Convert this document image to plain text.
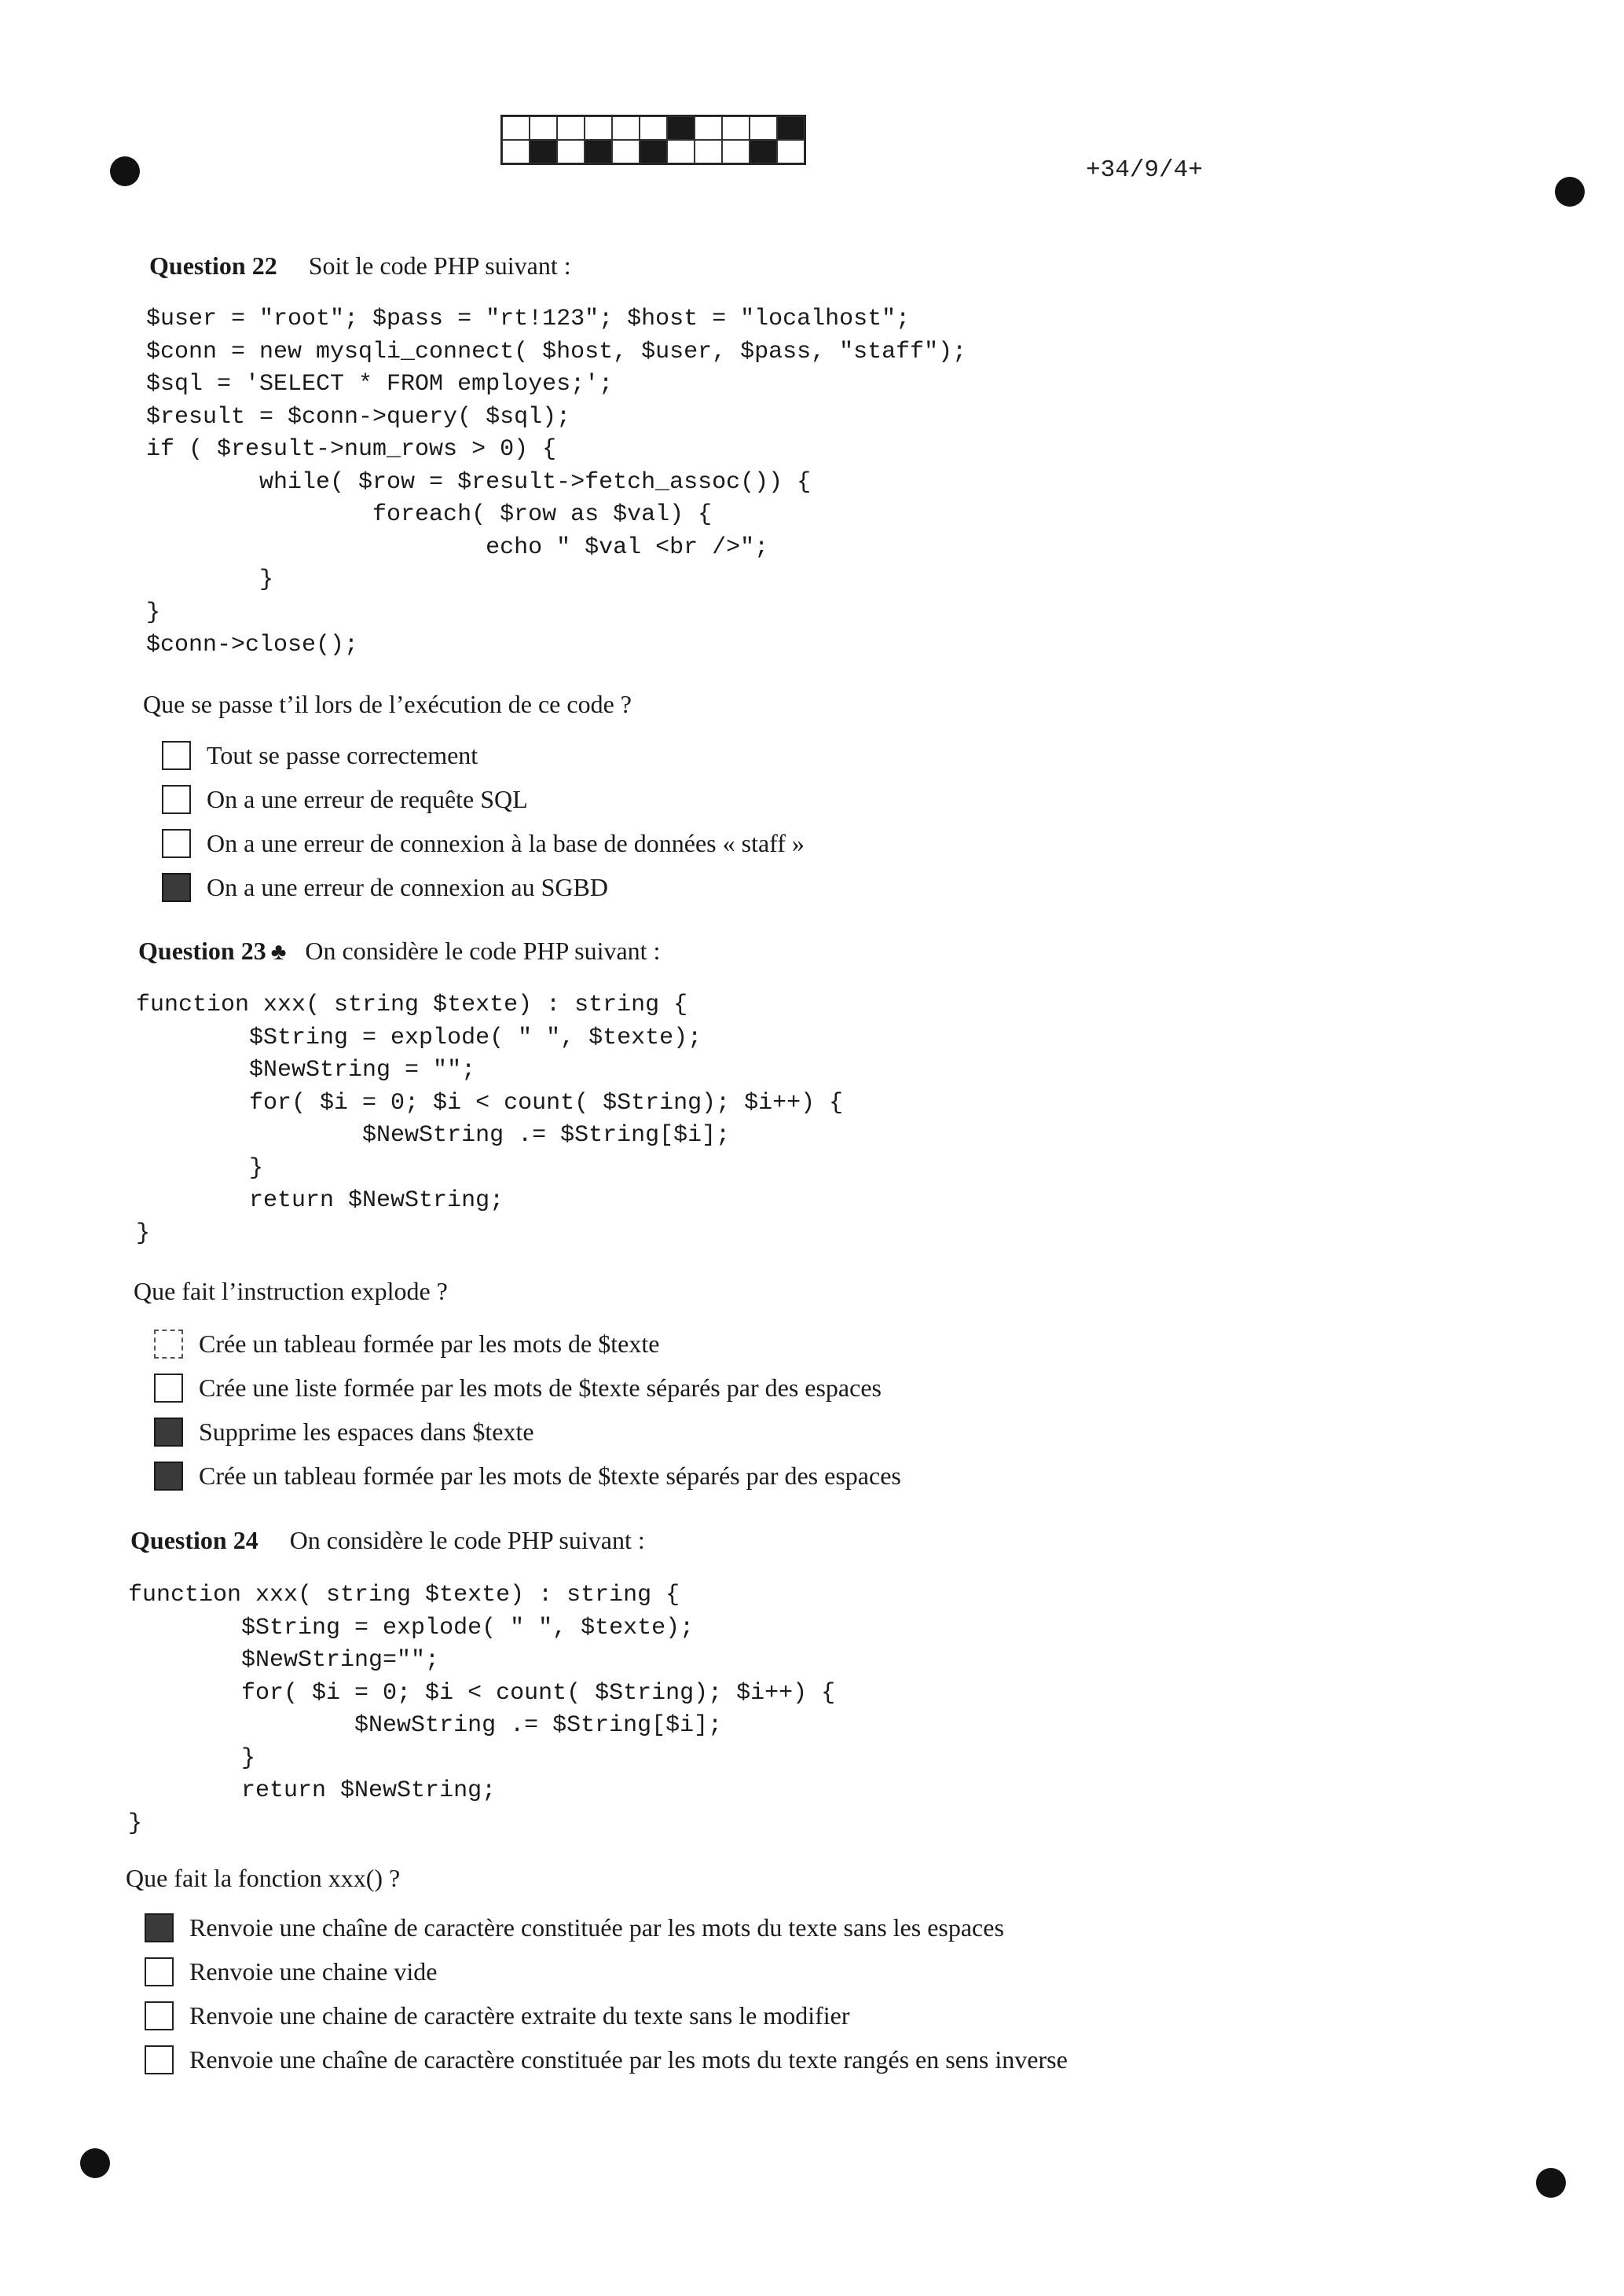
+34/9/4+
Question 22 Soit le code PHP suivant :
$user = "root"; $pass = "rt!123"; $host = "localhost";
$conn = new mysqli_connect( $host, $user, $pass, "staff");
$sql = 'SELECT * FROM employes;';
$result = $conn->query( $sql);
if ( $result->num_rows > 0) {
while( $row = $result->fetch_assoc()) {
foreach( $row as $val) {
echo " $val <br />";
}
}
$conn->close();
Que se passe t’il lors de l’exécution de ce code ?
Tout se passe correctement
On a une erreur de requête SQL
On a une erreur de connexion à la base de données « staff »
On a une erreur de connexion au SGBD
Question 23 ♣ On considère le code PHP suivant :
function xxx( string $texte) : string {
$String = explode( " ", $texte);
$NewString = "";
for( $i = 0; $i < count( $String); $i++) {
$NewString .= $String[$i];
}
return $NewString;
}
Que fait l’instruction explode ?
Crée un tableau formée par les mots de $texte
Crée une liste formée par les mots de $texte séparés par des espaces
Supprime les espaces dans $texte
Crée un tableau formée par les mots de $texte séparés par des espaces
Question 24 On considère le code PHP suivant :
function xxx( string $texte) : string {
$String = explode( " ", $texte);
$NewString="";
for( $i = 0; $i < count( $String); $i++) {
$NewString .= $String[$i];
}
return $NewString;
}
Que fait la fonction xxx() ?
Renvoie une chaîne de caractère constituée par les mots du texte sans les espaces
Renvoie une chaine vide
Renvoie une chaine de caractère extraite du texte sans le modifier
Renvoie une chaîne de caractère constituée par les mots du texte rangés en sens inverse
